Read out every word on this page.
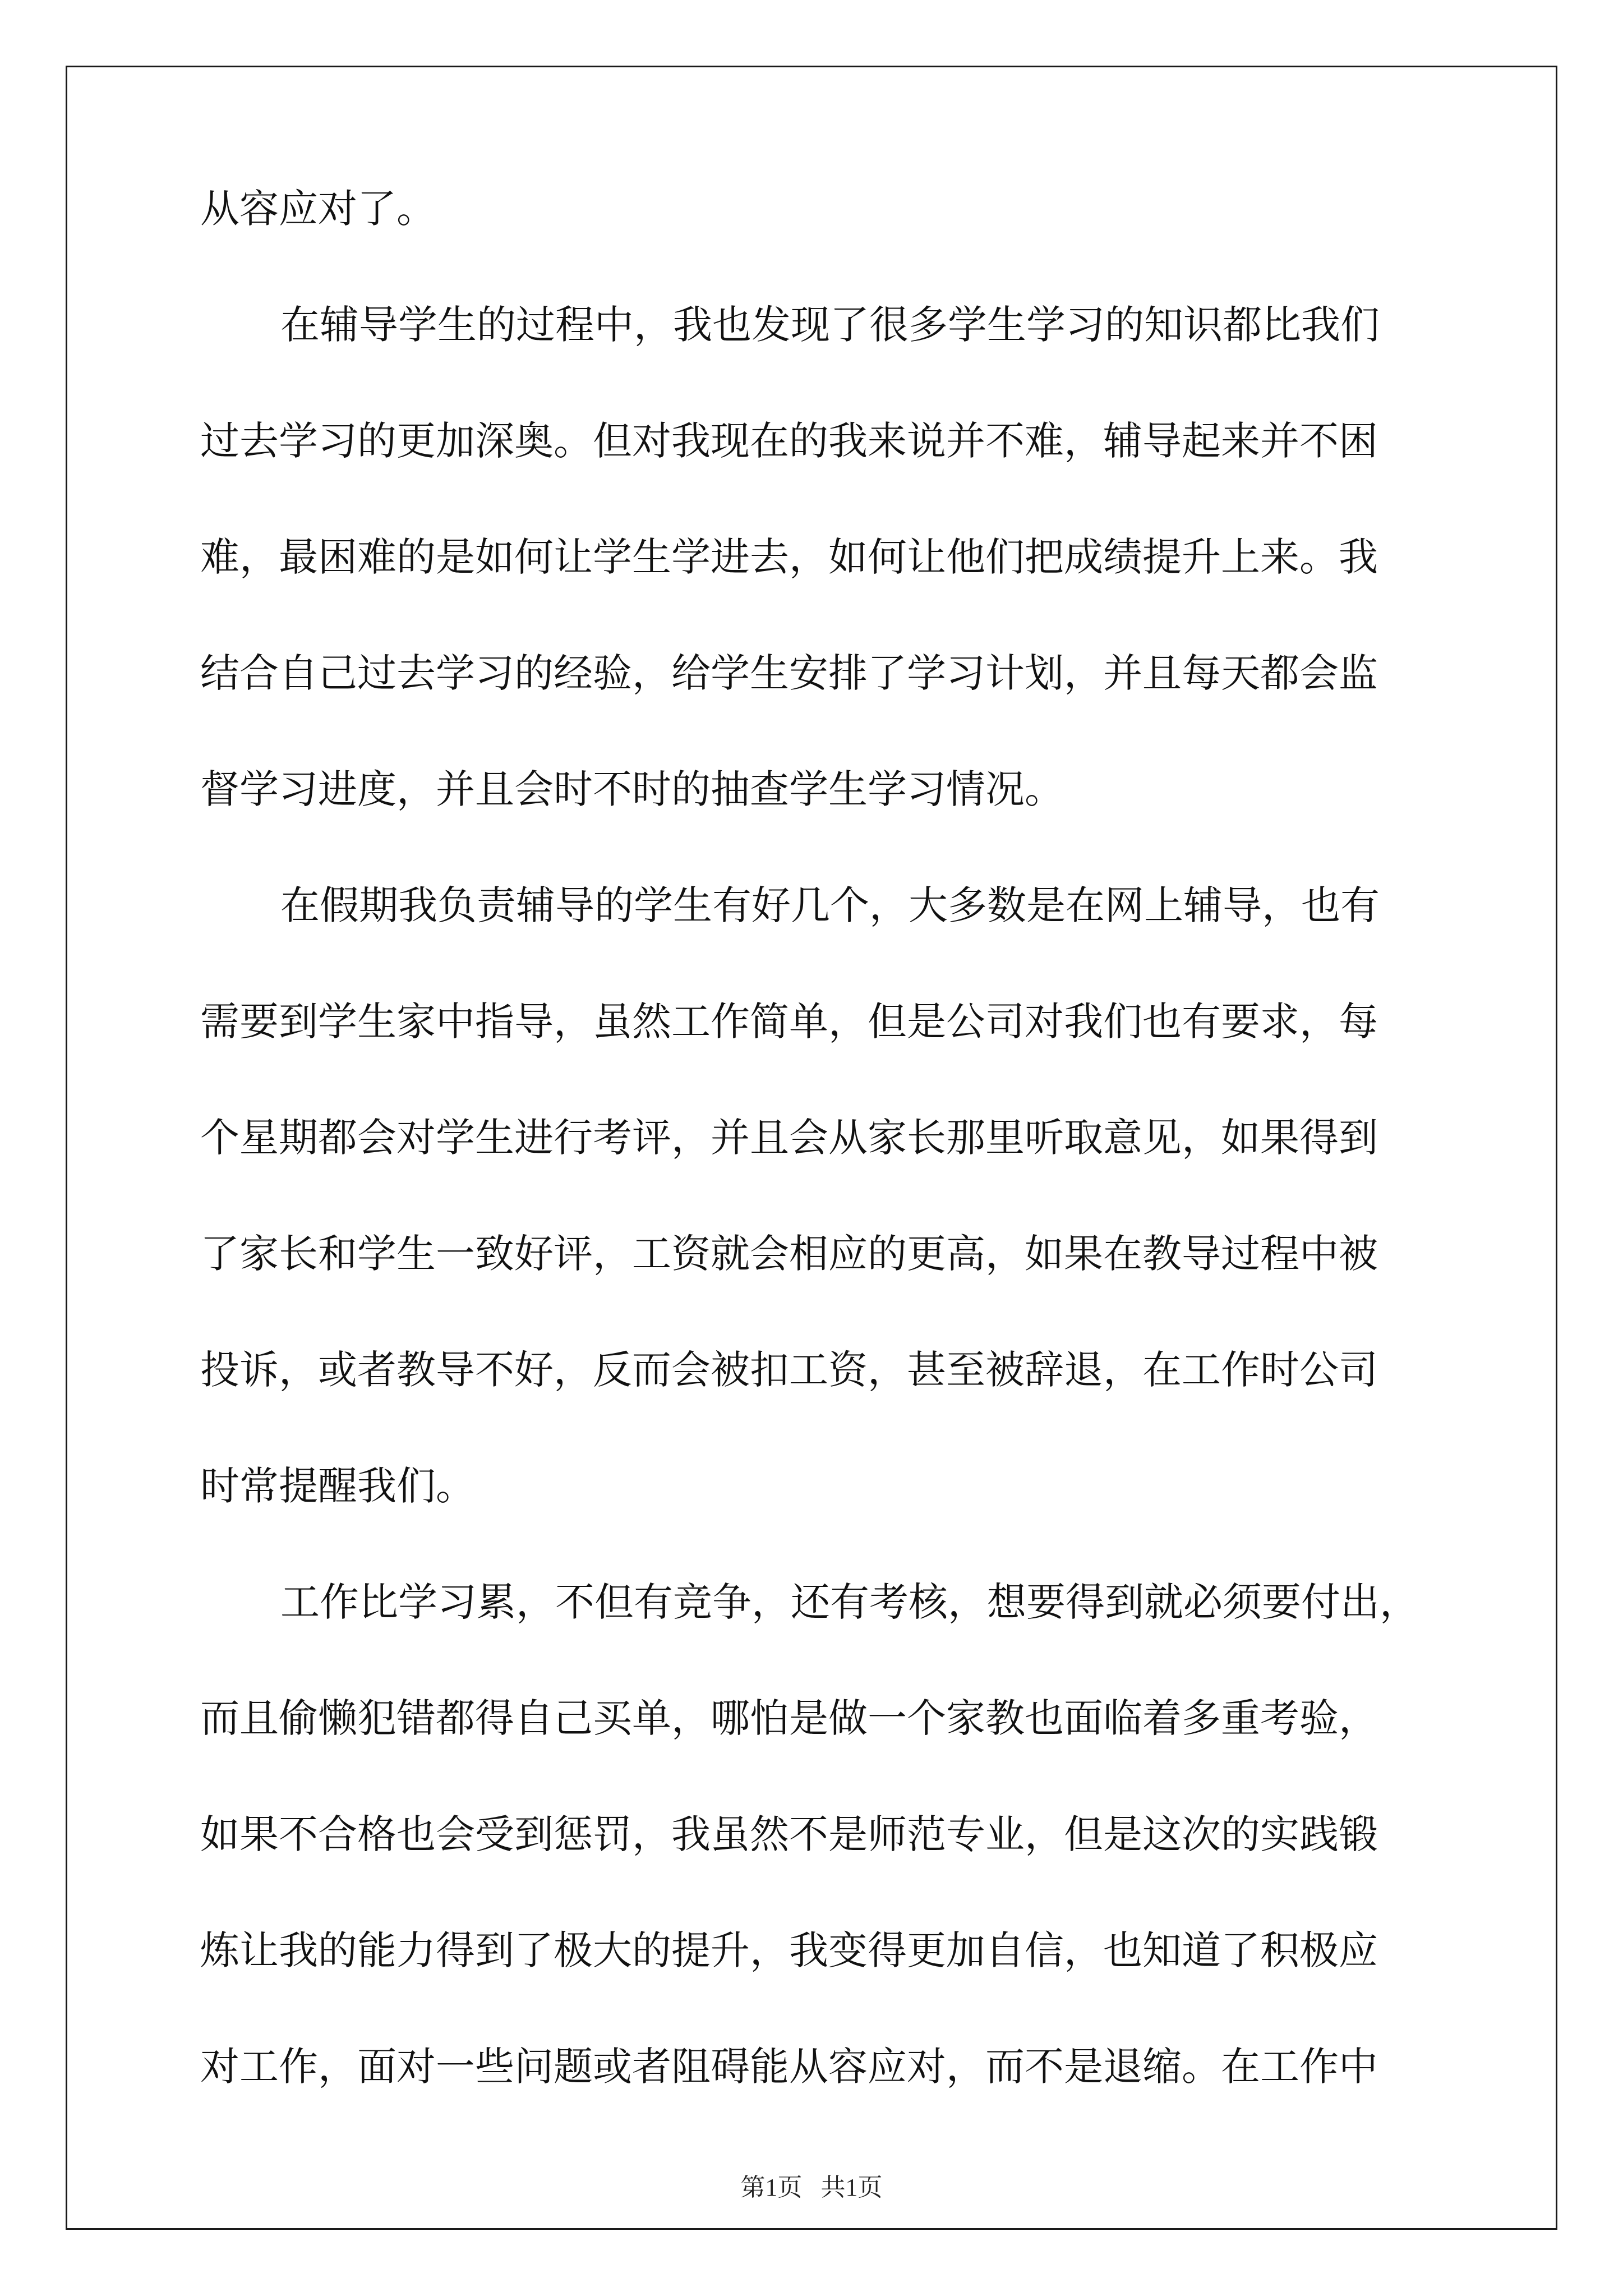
从容应对了。

在辅导学生的过程中，我也发现了很多学生学习的知识都比我们

过去学习的更加深奥。但对我现在的我来说并不难，辅导起来并不困

难，最困难的是如何让学生学进去，如何让他们把成绩提升上来。我

结合自己过去学习的经验，给学生安排了学习计划，并且每天都会监

督学习进度，并且会时不时的抽查学生学习情况。

在假期我负责辅导的学生有好几个，大多数是在网上辅导，也有

需要到学生家中指导，虽然工作简单，但是公司对我们也有要求，每

个星期都会对学生进行考评，并且会从家长那里听取意见，如果得到

了家长和学生一致好评，工资就会相应的更高，如果在教导过程中被

投诉，或者教导不好，反而会被扣工资，甚至被辞退，在工作时公司

时常提醒我们。

工作比学习累，不但有竞争，还有考核，想要得到就必须要付出，

而且偷懒犯错都得自己买单，哪怕是做一个家教也面临着多重考验，

如果不合格也会受到惩罚，我虽然不是师范专业，但是这次的实践锻

炼让我的能力得到了极大的提升，我变得更加自信，也知道了积极应

对工作，面对一些问题或者阻碍能从容应对，而不是退缩。在工作中

第1页   共1页
